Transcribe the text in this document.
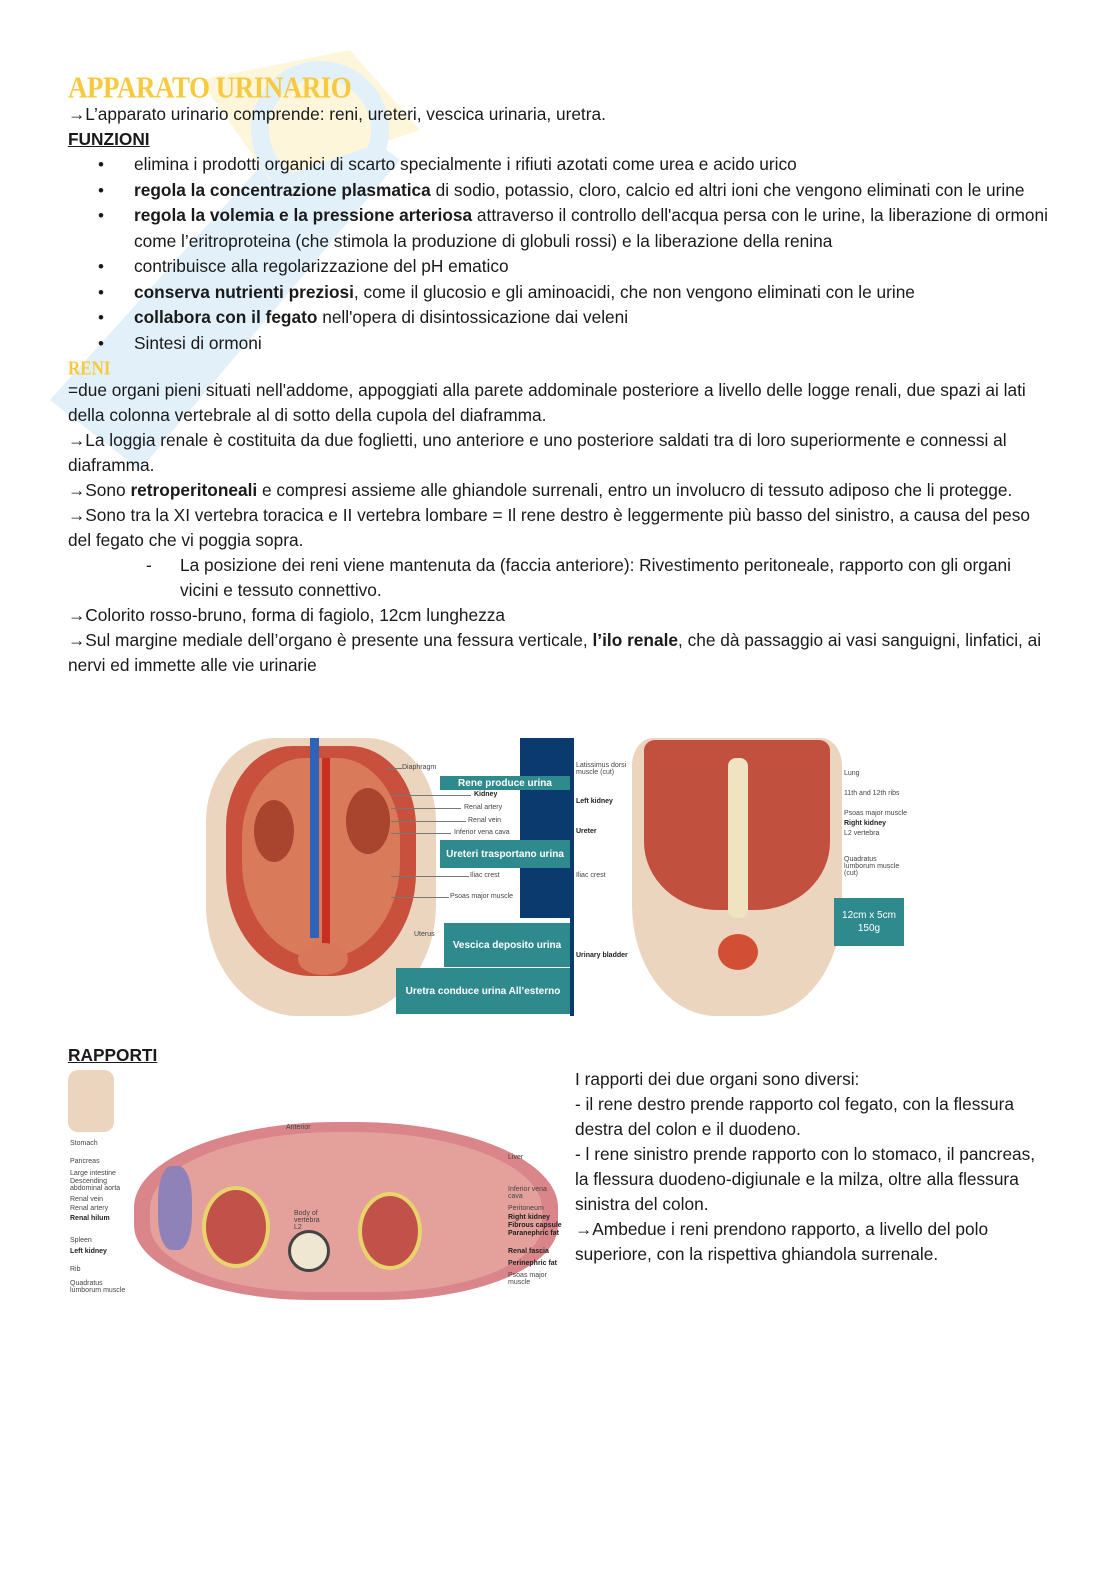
APPARATO URINARIO
→L’apparato urinario comprende: reni, ureteri, vescica urinaria, uretra.
FUNZIONI
• elimina i prodotti organici di scarto specialmente i rifiuti azotati come urea e acido urico
• regola la concentrazione plasmatica di sodio, potassio, cloro, calcio ed altri ioni che vengono eliminati con le urine
• regola la volemia e la pressione arteriosa attraverso il controllo dell'acqua persa con le urine, la liberazione di ormoni come l’eritroproteina (che stimola la produzione di globuli rossi) e la liberazione della renina
• contribuisce alla regolarizzazione del pH ematico
• conserva nutrienti preziosi, come il glucosio e gli aminoacidi, che non vengono eliminati con le urine
• collabora con il fegato nell'opera di disintossicazione dai veleni
• Sintesi di ormoni
RENI
=due organi pieni situati nell'addome, appoggiati alla parete addominale posteriore a livello delle logge renali, due spazi ai lati della colonna vertebrale al di sotto della cupola del diaframma.
→La loggia renale è costituita da due foglietti, uno anteriore e uno posteriore saldati tra di loro superiormente e connessi al diaframma.
→Sono retroperitoneali e compresi assieme alle ghiandole surrenali, entro un involucro di tessuto adiposo che li protegge.
→Sono tra la XI vertebra toracica e II vertebra lombare = Il rene destro è leggermente più basso del sinistro, a causa del peso del fegato che vi poggia sopra.
- La posizione dei reni viene mantenuta da (faccia anteriore): Rivestimento peritoneale, rapporto con gli organi vicini e tessuto connettivo.
→Colorito rosso-bruno, forma di fagiolo, 12cm lunghezza
→Sul margine mediale dell’organo è presente una fessura verticale, l’ilo renale, che dà passaggio ai vasi sanguigni, linfatici, ai nervi ed immette alle vie urinarie
Rene produce urina
Ureteri trasportano urina
Vescica deposito urina
Uretra conduce urina All’esterno
Diaphragm
Kidney
Renal artery
Renal vein
Inferior vena cava
Iliac crest
Psoas major muscle
Uterus
Latissimus dorsi muscle (cut)
Left kidney
Ureter
Iliac crest
Urinary bladder
Lung
11th and 12th ribs
Psoas major muscle
Right kidney
L2 vertebra
Quadratus lumborum muscle (cut)
12cm x 5cm
150g
RAPPORTI
Anterior
Body of vertebra L2
Stomach
Pancreas
Large intestine
Descending abdominal aorta
Renal vein
Renal artery
Renal hilum
Spleen
Left kidney
Rib
Quadratus lumborum muscle
Liver
Inferior vena cava
Peritoneum
Right kidney
Fibrous capsule
Paranephric fat
Renal fascia
Perinephric fat
Psoas major muscle
I rapporti dei due organi sono diversi:
- il rene destro prende rapporto col fegato, con la flessura destra del colon e il duodeno.
- l rene sinistro prende rapporto con lo stomaco, il pancreas, la flessura duodeno-digiunale e la milza, oltre alla flessura sinistra del colon.
→Ambedue i reni prendono rapporto, a livello del polo superiore, con la rispettiva ghiandola surrenale.
